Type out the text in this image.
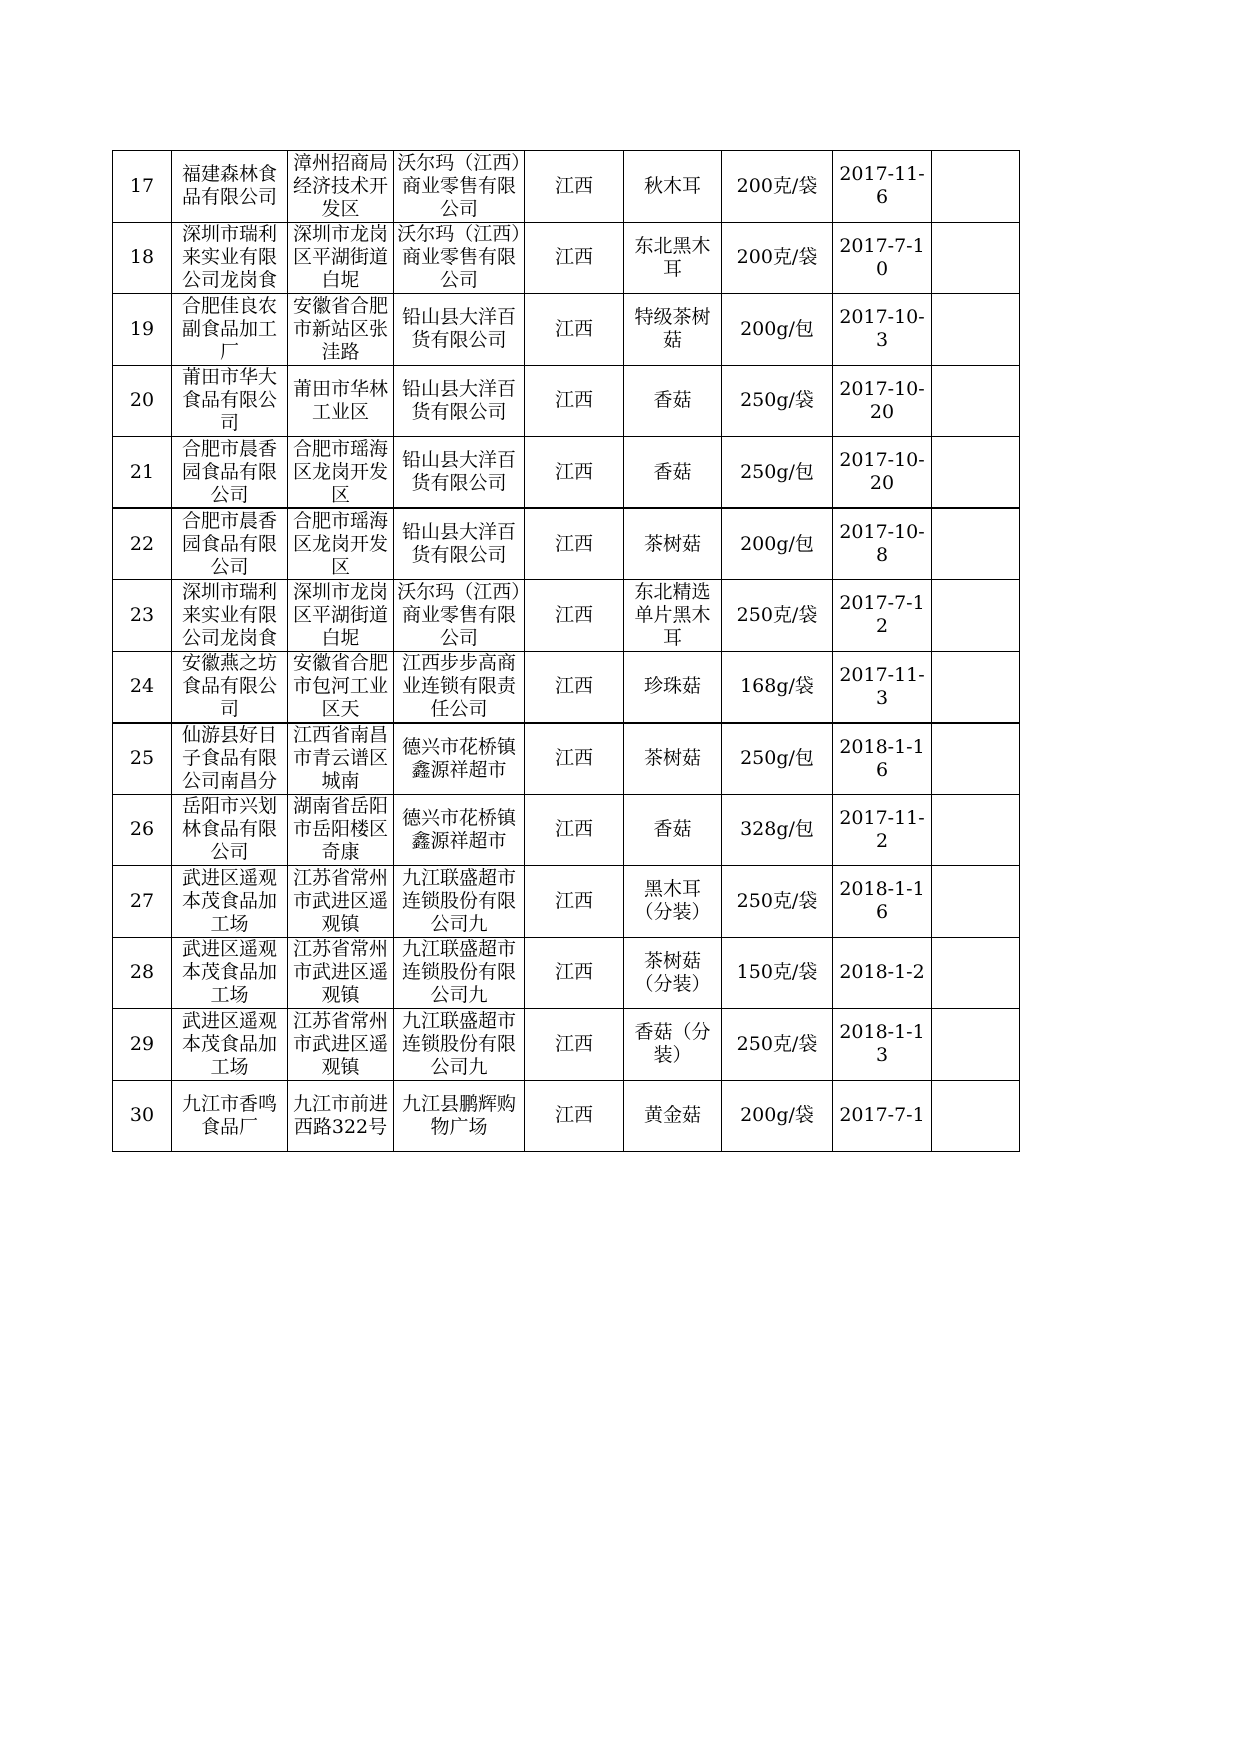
17	福建森林食品有限公司	漳州招商局经济技术开发区	沃尔玛（江西）商业零售有限公司	江西	秋木耳	200克/袋	2017-11-6	

18	深圳市瑞利来实业有限公司龙岗食	深圳市龙岗区平湖街道白坭	沃尔玛（江西）商业零售有限公司	江西	东北黑木耳	200克/袋	2017-7-10	

19	合肥佳良农副食品加工厂	安徽省合肥市新站区张洼路	铅山县大洋百货有限公司	江西	特级茶树菇	200g/包	2017-10-3	

20	莆田市华大食品有限公司	莆田市华林工业区	铅山县大洋百货有限公司	江西	香菇	250g/袋	2017-10-20	

21	合肥市晨香园食品有限公司	合肥市瑶海区龙岗开发区	铅山县大洋百货有限公司	江西	香菇	250g/包	2017-10-20	

22	合肥市晨香园食品有限公司	合肥市瑶海区龙岗开发区	铅山县大洋百货有限公司	江西	茶树菇	200g/包	2017-10-8	

23	深圳市瑞利来实业有限公司龙岗食	深圳市龙岗区平湖街道白坭	沃尔玛（江西）商业零售有限公司	江西	东北精选单片黑木耳	250克/袋	2017-7-12	

24	安徽燕之坊食品有限公司	安徽省合肥市包河工业区天	江西步步高商业连锁有限责任公司	江西	珍珠菇	168g/袋	2017-11-3	

25	仙游县好日子食品有限公司南昌分	江西省南昌市青云谱区城南	德兴市花桥镇鑫源祥超市	江西	茶树菇	250g/包	2018-1-16	

26	岳阳市兴划林食品有限公司	湖南省岳阳市岳阳楼区奇康	德兴市花桥镇鑫源祥超市	江西	香菇	328g/包	2017-11-2	

27	武进区遥观本茂食品加工场	江苏省常州市武进区遥观镇	九江联盛超市连锁股份有限公司九	江西	黑木耳（分装）	250克/袋	2018-1-16	

28	武进区遥观本茂食品加工场	江苏省常州市武进区遥观镇	九江联盛超市连锁股份有限公司九	江西	茶树菇（分装）	150克/袋	2018-1-2	

29	武进区遥观本茂食品加工场	江苏省常州市武进区遥观镇	九江联盛超市连锁股份有限公司九	江西	香菇（分装）	250克/袋	2018-1-13	

30	九江市香鸣食品厂	九江市前进西路322号	九江县鹏辉购物广场	江西	黄金菇	200g/袋	2017-7-1	
